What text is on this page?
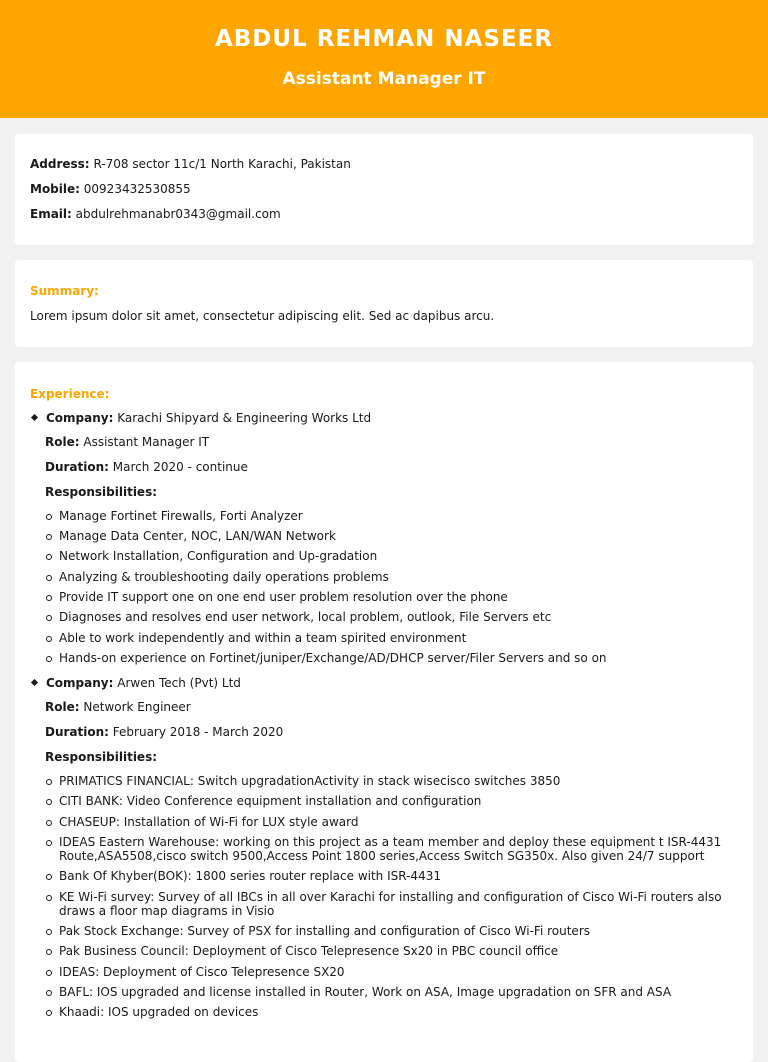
ABDUL REHMAN NASEER
Assistant Manager IT
Address: R-708 sector 11c/1 North Karachi, Pakistan
Mobile: 00923432530855
Email: abdulrehmanabr0343@gmail.com
Summary:
Lorem ipsum dolor sit amet, consectetur adipiscing elit. Sed ac dapibus arcu.
Experience:
Company: Karachi Shipyard & Engineering Works Ltd
Role: Assistant Manager IT
Duration: March 2020 - continue
Responsibilities:
Manage Fortinet Firewalls, Forti Analyzer
Manage Data Center, NOC, LAN/WAN Network
Network Installation, Configuration and Up-gradation
Analyzing & troubleshooting daily operations problems
Provide IT support one on one end user problem resolution over the phone
Diagnoses and resolves end user network, local problem, outlook, File Servers etc
Able to work independently and within a team spirited environment
Hands-on experience on Fortinet/juniper/Exchange/AD/DHCP server/Filer Servers and so on
Company: Arwen Tech (Pvt) Ltd
Role: Network Engineer
Duration: February 2018 - March 2020
Responsibilities:
PRIMATICS FINANCIAL: Switch upgradationActivity in stack wisecisco switches 3850
CITI BANK: Video Conference equipment installation and configuration
CHASEUP: Installation of Wi-Fi for LUX style award
IDEAS Eastern Warehouse: working on this project as a team member and deploy these equipment t ISR-4431 Route,ASA5508,cisco switch 9500,Access Point 1800 series,Access Switch SG350x. Also given 24/7 support
Bank Of Khyber(BOK): 1800 series router replace with ISR-4431
KE Wi-Fi survey: Survey of all IBCs in all over Karachi for installing and configuration of Cisco Wi-Fi routers also draws a floor map diagrams in Visio
Pak Stock Exchange: Survey of PSX for installing and configuration of Cisco Wi-Fi routers
Pak Business Council: Deployment of Cisco Telepresence Sx20 in PBC council office
IDEAS: Deployment of Cisco Telepresence SX20
BAFL: IOS upgraded and license installed in Router, Work on ASA, Image upgradation on SFR and ASA
Khaadi: IOS upgraded on devices
